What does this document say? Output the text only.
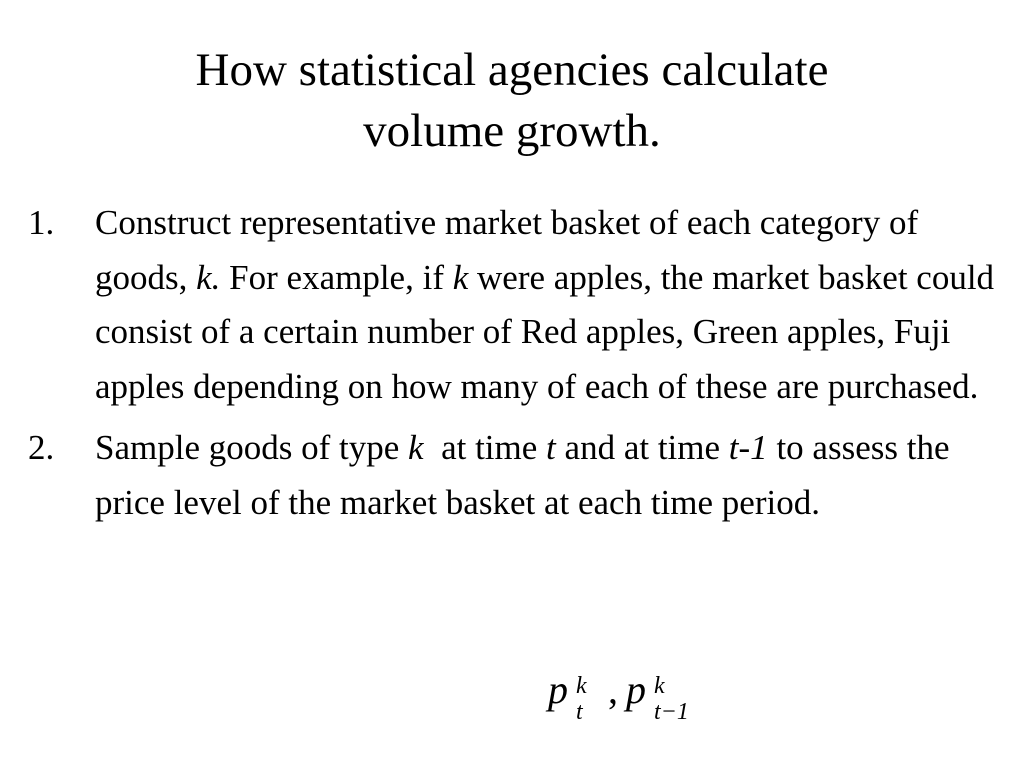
How statistical agencies calculate
volume growth.
1. Construct representative market basket of each category of goods, k. For example, if k were apples, the market basket could consist of a certain number of Red apples, Green apples, Fuji apples depending on how many of each of these are purchased.
2. Sample goods of type k  at time t and at time t-1 to assess the price level of the market basket at each time period.
p k
t , p k
t−1
